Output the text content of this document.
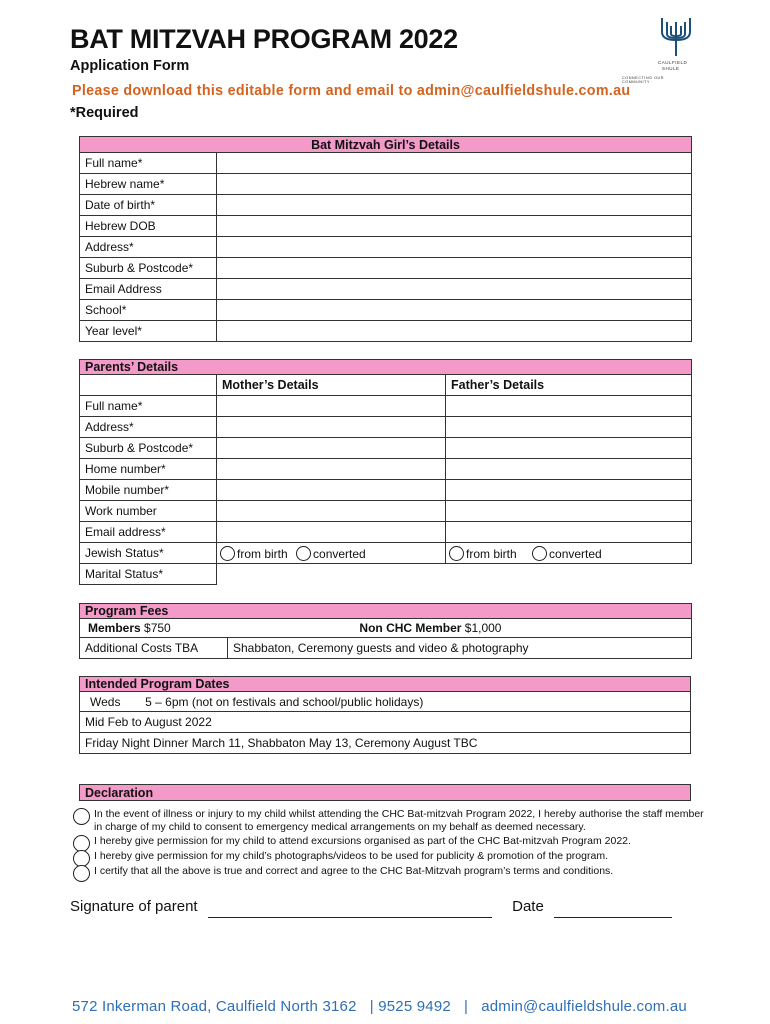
BAT MITZVAH PROGRAM 2022
Application Form
Please download this editable form and email to admin@caulfieldshule.com.au
*Required
CAULFIELD
SHULE
CONNECTING OUR COMMUNITY
Bat Mitzvah Girl’s Details	
Full name*	
Hebrew name*	
Date of birth*	
Hebrew DOB	
Address*	
Suburb & Postcode*	
Email Address	
School*	
Year level*	
Parents’ Details		
	Mother’s Details	Father’s Details
Full name*		
Address*		
Suburb & Postcode*		
Home number*		
Mobile number*		
Work number		
Email address*		
Jewish Status*	from birth converted	from birth converted
Marital Status*		
Program Fees
Members $750	Non CHC Member $1,000
Additional Costs TBA	Shabbaton, Ceremony guests and video & photography
Intended Program Dates
Weds 5 – 6pm (not on festivals and school/public holidays)
Mid Feb to August 2022
Friday Night Dinner March 11, Shabbaton May 13, Ceremony August TBC
Declaration
In the event of illness or injury to my child whilst attending the CHC Bat-mitzvah Program 2022, I hereby authorise the staff member in charge of my child to consent to emergency medical arrangements on my behalf as deemed necessary.
I hereby give permission for my child to attend excursions organised as part of the CHC Bat-mitzvah Program 2022.
I hereby give permission for my child’s photographs/videos to be used for publicity & promotion of the program.
I certify that all the above is true and correct and agree to the CHC Bat-Mitzvah program’s terms and conditions.
Signature of parent	Date
572 Inkerman Road, Caulfield North 3162   | 9525 9492   |   admin@caulfieldshule.com.au
